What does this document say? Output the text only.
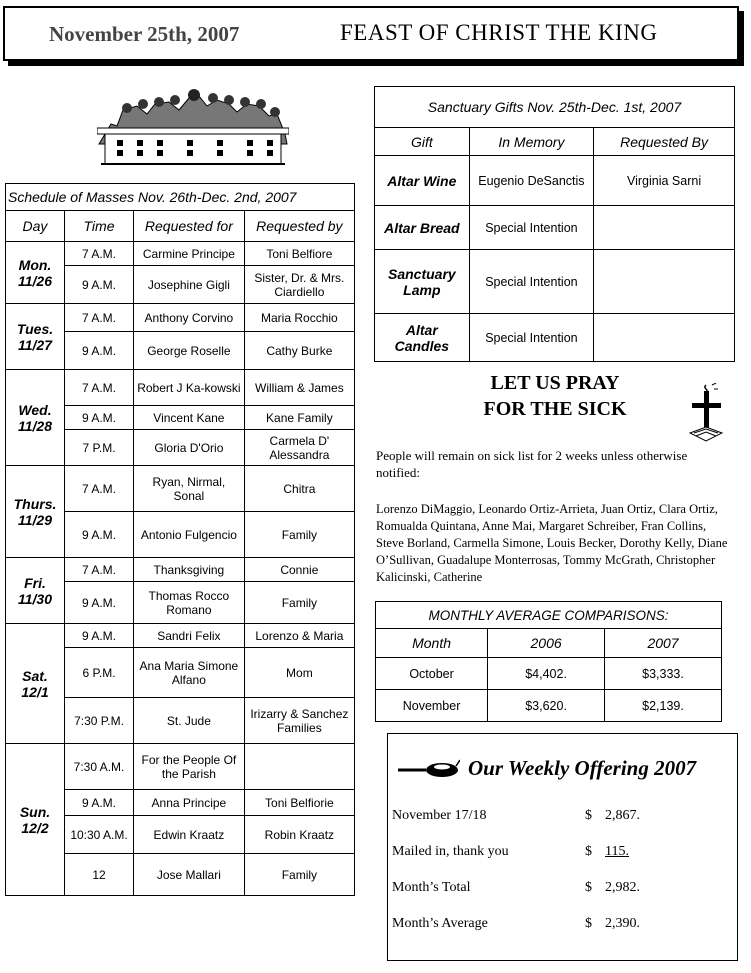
November 25th, 2007	FEAST OF CHRIST THE KING
Schedule of Masses Nov. 26th-Dec. 2nd, 2007			
Day	Time	Requested for	Requested by

Mon.
11/26	7 A.M.	Carmine Principe	Toni Belfiore
	9 A.M.	Josephine Gigli	Sister, Dr. & Mrs. Ciardiello

Tues.
11/27	7 A.M.	Anthony Corvino	Maria Rocchio
	9 A.M.	George Roselle	Cathy Burke

Wed.
11/28	7 A.M.	Robert J Ka-kowski	William & James
	9 A.M.	Vincent Kane	Kane Family
	7 P.M.	Gloria D'Orio	Carmela D' Alessandra

Thurs.
11/29	7 A.M.	Ryan, Nirmal, Sonal	Chitra
	9 A.M.	Antonio Fulgencio	Family

Fri.
11/30	7 A.M.	Thanksgiving	Connie
	9 A.M.	Thomas Rocco Romano	Family

Sat.
12/1	9 A.M.	Sandri Felix	Lorenzo & Maria
	6 P.M.	Ana Maria Simone Alfano	Mom
	7:30 P.M.	St. Jude	Irizarry & Sanchez Families

Sun.
12/2	7:30 A.M.	For the People Of the Parish	
	9 A.M.	Anna Principe	Toni Belfiorie
	10:30 A.M.	Edwin Kraatz	Robin Kraatz
	12	Jose Mallari	Family
Sanctuary Gifts Nov. 25th-Dec. 1st, 2007		
Gift	In Memory	Requested By
Altar Wine	Eugenio DeSanctis	Virginia Sarni
Altar Bread	Special Intention	
Sanctuary Lamp	Special Intention	
Altar Candles	Special Intention	
LET US PRAY
FOR THE SICK
People will remain on sick list for 2 weeks unless otherwise notified:
Lorenzo DiMaggio, Leonardo Ortiz-Arrieta, Juan Ortiz, Clara Ortiz, Romualda Quintana, Anne Mai, Margaret Schreiber, Fran Collins, Steve Borland, Carmella Simone, Louis Becker, Dorothy Kelly, Diane O’Sullivan, Guadalupe Monterrosas, Tommy McGrath, Christopher Kalicinski, Catherine
MONTHLY AVERAGE COMPARISONS:		
Month	2006	2007
October	$4,402.	$3,333.
November	$3,620.	$2,139.
Our Weekly Offering 2007
November 17/18	$ 2,867.
Mailed in, thank you	$ 115.
Month’s Total	$ 2,982.
Month’s Average	$ 2,390.
